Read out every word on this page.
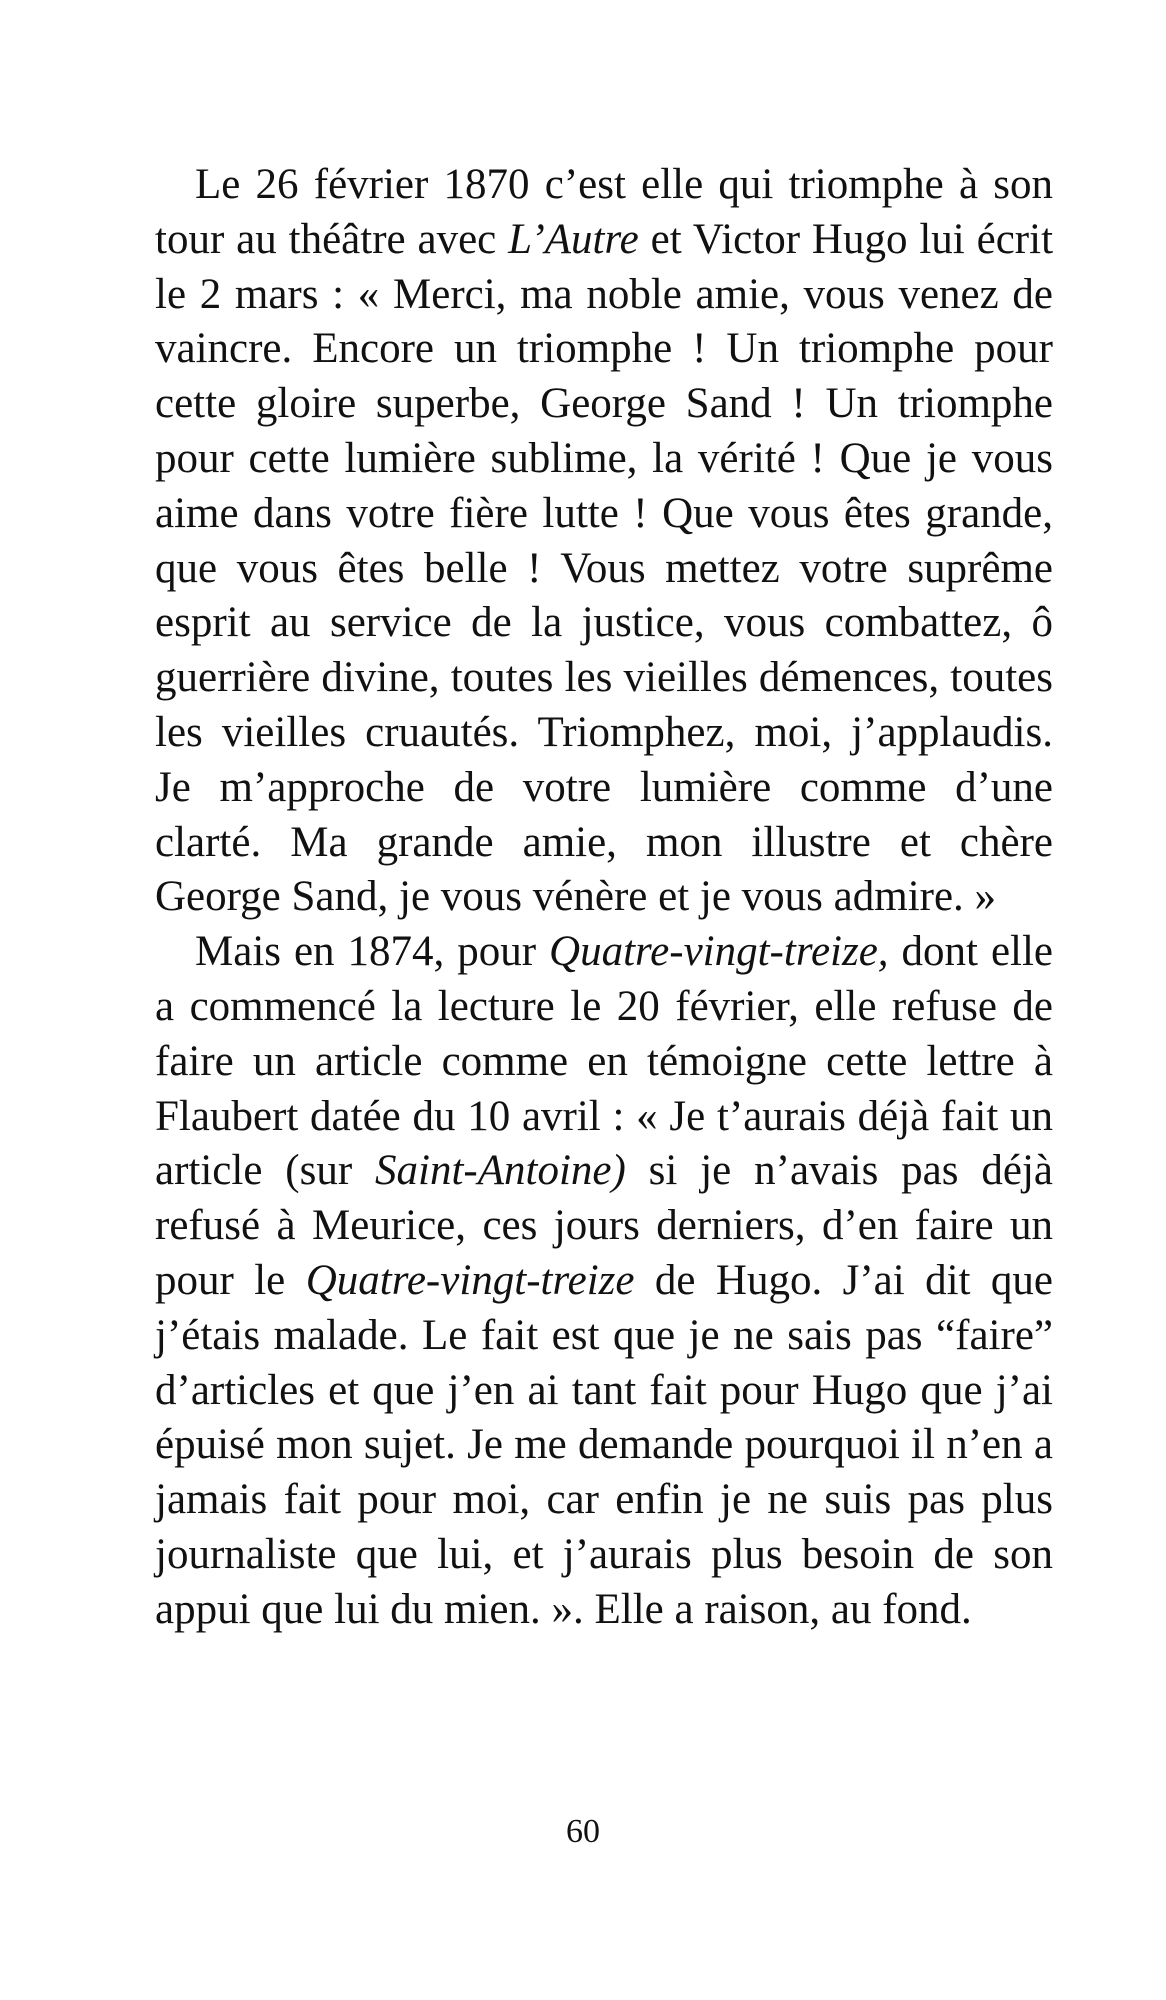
Le 26 février 1870 c’est elle qui triomphe à son tour au théâtre avec L’Autre et Victor Hugo lui écrit le 2 mars : « Merci, ma noble amie, vous venez de vaincre. Encore un triomphe ! Un triomphe pour cette gloire superbe, George Sand ! Un triomphe pour cette lumière sublime, la vérité ! Que je vous aime dans votre fière lutte ! Que vous êtes grande, que vous êtes belle ! Vous mettez votre suprême esprit au service de la justice, vous combattez, ô guerrière divine, toutes les vieilles démences, toutes les vieilles cruautés. Triomphez, moi, j’applaudis. Je m’approche de votre lumière comme d’une clarté. Ma grande amie, mon illustre et chère George Sand, je vous vénère et je vous admire. »

Mais en 1874, pour Quatre-vingt-treize, dont elle a commencé la lecture le 20 février, elle refuse de faire un article comme en témoigne cette lettre à Flaubert datée du 10 avril : « Je t’aurais déjà fait un article (sur Saint-Antoine) si je n’avais pas déjà refusé à Meurice, ces jours derniers, d’en faire un pour le Quatre-vingt-treize de Hugo. J’ai dit que j’étais malade. Le fait est que je ne sais pas “faire” d’articles et que j’en ai tant fait pour Hugo que j’ai épuisé mon sujet. Je me demande pourquoi il n’en a jamais fait pour moi, car enfin je ne suis pas plus journaliste que lui, et j’aurais plus besoin de son appui que lui du mien. ». Elle a raison, au fond.

60
